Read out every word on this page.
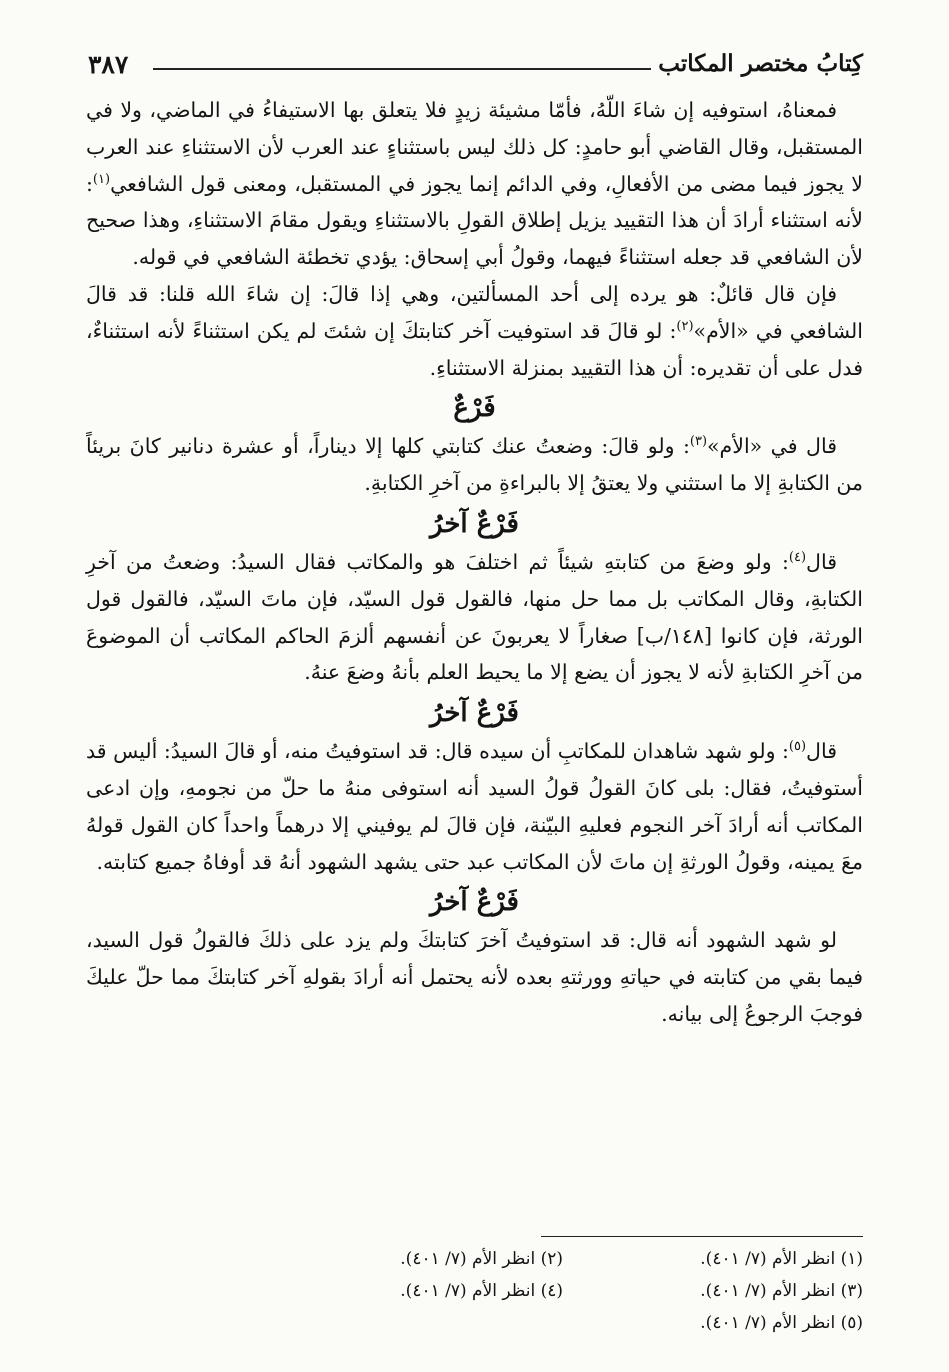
٣٨٧	كِتابُ مختصر المكاتب

فمعناهُ، استوفيه إن شاءَ اللّهُ، فأمّا مشيئة زيدٍ فلا يتعلق بها الاستيفاءُ في الماضي، ولا في المستقبل، وقال القاضي أبو حامدٍ: كل ذلك ليس باستثناءٍ عند العرب لأن الاستثناءِ عند العرب لا يجوز فيما مضى من الأفعالِ، وفي الدائم إنما يجوز في المستقبل، ومعنى قول الشافعي$^{(١)}$: لأنه استثناء أرادَ أن هذا التقييد يزيل إطلاق القولِ بالاستثناءِ ويقول مقامَ الاستثناءِ، وهذا صحيح لأن الشافعي قد جعله استثناءً فيهما، وقولُ أبي إسحاق: يؤدي تخطئة الشافعي في قوله.

فإن قال قائلٌ: هو يرده إلى أحد المسألتين، وهي إذا قالَ: إن شاءَ الله قلنا: قد قالَ الشافعي في «الأم»$^{(٢)}$: لو قالَ قد استوفيت آخر كتابتكَ إن شئتَ لم يكن استثناءً لأنه استثناءٌ، فدل على أن تقديره: أن هذا التقييد بمنزلة الاستثناءِ.

فَرْعٌ

قال في «الأم»$^{(٣)}$: ولو قالَ: وضعتُ عنك كتابتي كلها إلا ديناراً، أو عشرة دنانير كانَ بريئاً من الكتابةِ إلا ما استثني ولا يعتقُ إلا بالبراءةِ من آخرِ الكتابةِ.

فَرْعٌ آخرُ

قال$^{(٤)}$: ولو وضعَ من كتابتهِ شيئاً ثم اختلفَ هو والمكاتب فقال السيدُ: وضعتُ من آخرِ الكتابةِ، وقال المكاتب بل مما حل منها، فالقول قول السيّد، فإن ماتَ السيّد، فالقول قول الورثة، فإن كانوا [١٤٨/ب] صغاراً لا يعربونَ عن أنفسهم ألزمَ الحاكم المكاتب أن الموضوعَ من آخرِ الكتابةِ لأنه لا يجوز أن يضع إلا ما يحيط العلم بأنهُ وضعَ عنهُ.

فَرْعٌ آخرُ

قال$^{(٥)}$: ولو شهد شاهدان للمكاتبِ أن سيده قال: قد استوفيتُ منه، أو قالَ السيدُ: أليس قد أستوفيتُ، فقال: بلى كانَ القولُ قولُ السيد أنه استوفى منهُ ما حلّ من نجومهِ، وإن ادعى المكاتب أنه أرادَ آخر النجوم فعليهِ البيّنة، فإن قالَ لم يوفيني إلا درهماً واحداً كان القول قولهُ معَ يمينه، وقولُ الورثةِ إن ماتَ لأن المكاتب عبد حتى يشهد الشهود أنهُ قد أوفاهُ جميع كتابته.

فَرْعٌ آخرُ

لو شهد الشهود أنه قال: قد استوفيتُ آخرَ كتابتكَ ولم يزد على ذلكَ فالقولُ قول السيد، فيما بقي من كتابته في حياتهِ وورثتهِ بعده لأنه يحتمل أنه أرادَ بقولهِ آخر كتابتكَ مما حلّ عليكَ فوجبَ الرجوعُ إلى بيانه.

(١) انظر الأم (٧/ ٤٠١).
(٢) انظر الأم (٧/ ٤٠١).
(٣) انظر الأم (٧/ ٤٠١).
(٤) انظر الأم (٧/ ٤٠١).
(٥) انظر الأم (٧/ ٤٠١).
